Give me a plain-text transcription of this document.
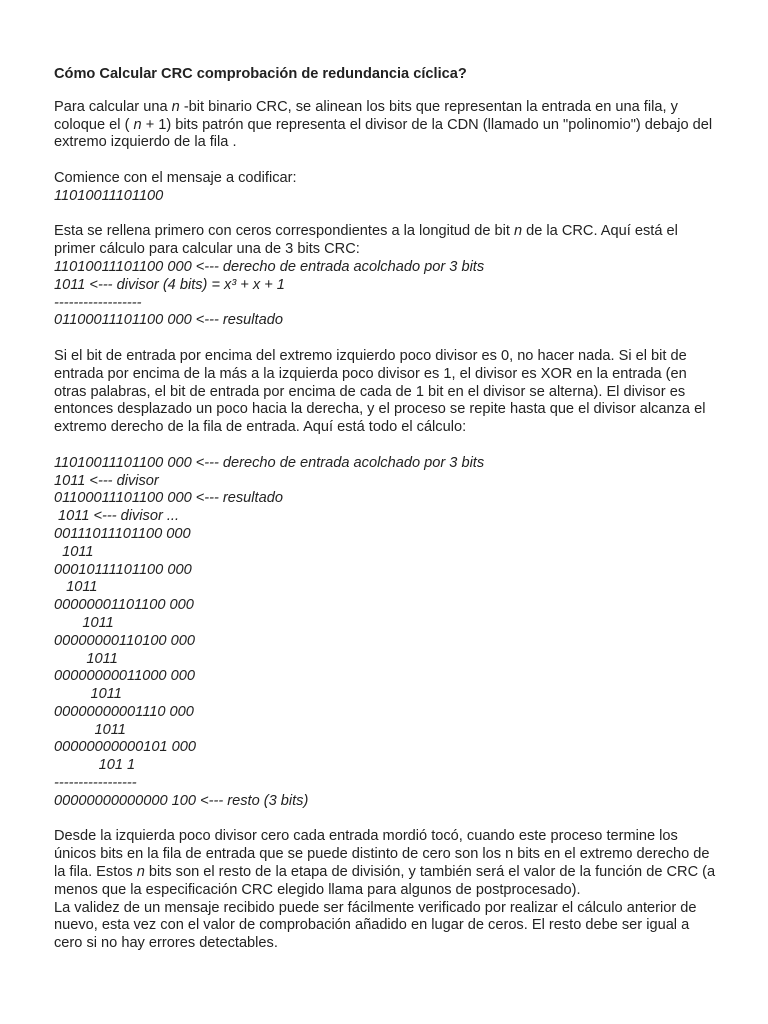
Cómo Calcular CRC comprobación de redundancia cíclica?

Para calcular una n -bit binario CRC, se alinean los bits que representan la entrada en una fila, y coloque el ( n + 1) bits patrón que representa el divisor de la CDN (llamado un "polinomio") debajo del extremo izquierdo de la fila .

Comience con el mensaje a codificar:

11010011101100

Esta se rellena primero con ceros correspondientes a la longitud de bit n de la CRC. Aquí está el primer cálculo para calcular una de 3 bits CRC:

11010011101100 000 <--- derecho de entrada acolchado por 3 bits
1011 <--- divisor (4 bits) = x³ + x + 1
------------------
01100011101100 000 <--- resultado

Si el bit de entrada por encima del extremo izquierdo poco divisor es 0, no hacer nada. Si el bit de entrada por encima de la más a la izquierda poco divisor es 1, el divisor es XOR en la entrada (en otras palabras, el bit de entrada por encima de cada de 1 bit en el divisor se alterna). El divisor es entonces desplazado un poco hacia la derecha, y el proceso se repite hasta que el divisor alcanza el extremo derecho de la fila de entrada. Aquí está todo el cálculo:

11010011101100 000 <--- derecho de entrada acolchado por 3 bits
1011 <--- divisor
01100011101100 000 <--- resultado
1011 <--- divisor ...
00111011101100 000
1011
00010111101100 000
1011
00000001101100 000
1011
00000000110100 000
1011
00000000011000 000
1011
00000000001110 000
1011
00000000000101 000
101 1
-----------------
00000000000000 100 <--- resto (3 bits)

Desde la izquierda poco divisor cero cada entrada mordió tocó, cuando este proceso termine los únicos bits en la fila de entrada que se puede distinto de cero son los n bits en el extremo derecho de la fila. Estos n bits son el resto de la etapa de división, y también será el valor de la función de CRC (a menos que la especificación CRC elegido llama para algunos de postprocesado).

La validez de un mensaje recibido puede ser fácilmente verificado por realizar el cálculo anterior de nuevo, esta vez con el valor de comprobación añadido en lugar de ceros. El resto debe ser igual a cero si no hay errores detectables.
